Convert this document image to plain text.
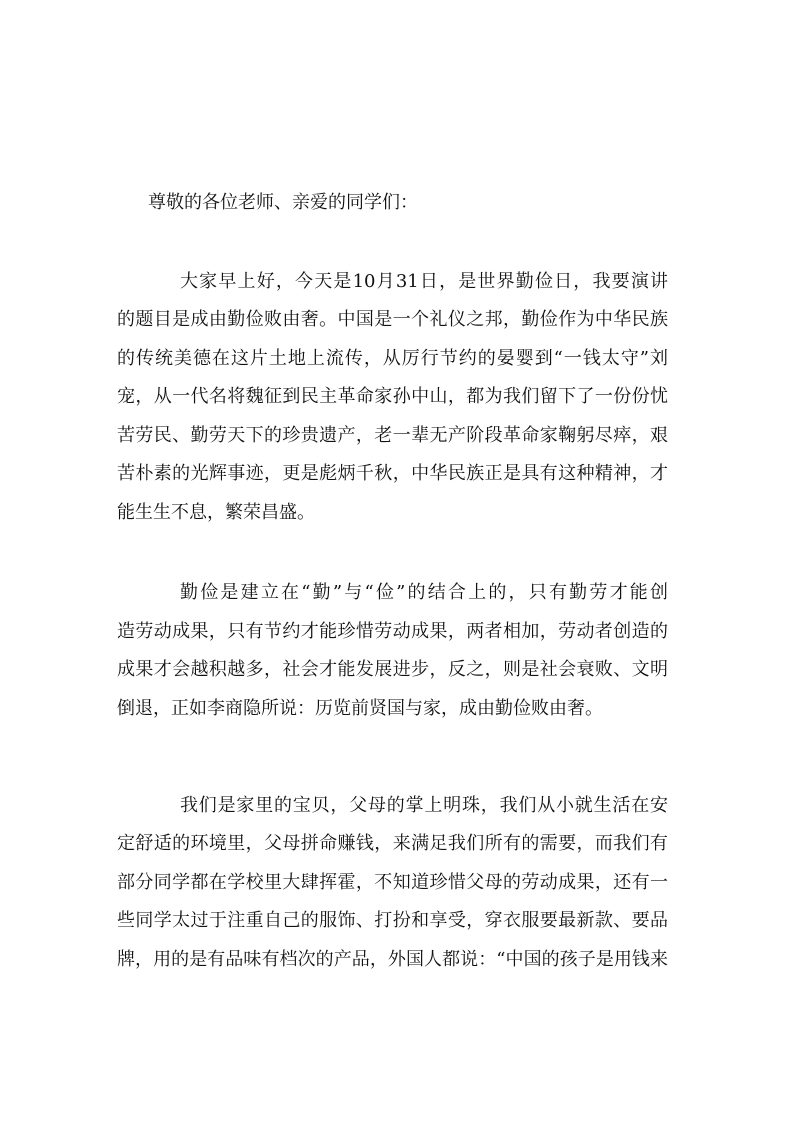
尊敬的各位老师、亲爱的同学们：
大家早上好，今天是10月31日，是世界勤俭日，我要演讲
的题目是成由勤俭败由奢。中国是一个礼仪之邦，勤俭作为中华民族
的传统美德在这片土地上流传，从厉行节约的晏婴到“一钱太守”刘
宠，从一代名将魏征到民主革命家孙中山，都为我们留下了一份份忧
苦劳民、勤劳天下的珍贵遗产，老一辈无产阶段革命家鞠躬尽瘁，艰
苦朴素的光辉事迹，更是彪炳千秋，中华民族正是具有这种精神，才
能生生不息，繁荣昌盛。
勤俭是建立在“勤”与“俭”的结合上的，只有勤劳才能创
造劳动成果，只有节约才能珍惜劳动成果，两者相加，劳动者创造的
成果才会越积越多，社会才能发展进步，反之，则是社会衰败、文明
倒退，正如李商隐所说：历览前贤国与家，成由勤俭败由奢。
我们是家里的宝贝，父母的掌上明珠，我们从小就生活在安
定舒适的环境里，父母拼命赚钱，来满足我们所有的需要，而我们有
部分同学都在学校里大肆挥霍，不知道珍惜父母的劳动成果，还有一
些同学太过于注重自己的服饰、打扮和享受，穿衣服要最新款、要品
牌，用的是有品味有档次的产品，外国人都说：“中国的孩子是用钱来
